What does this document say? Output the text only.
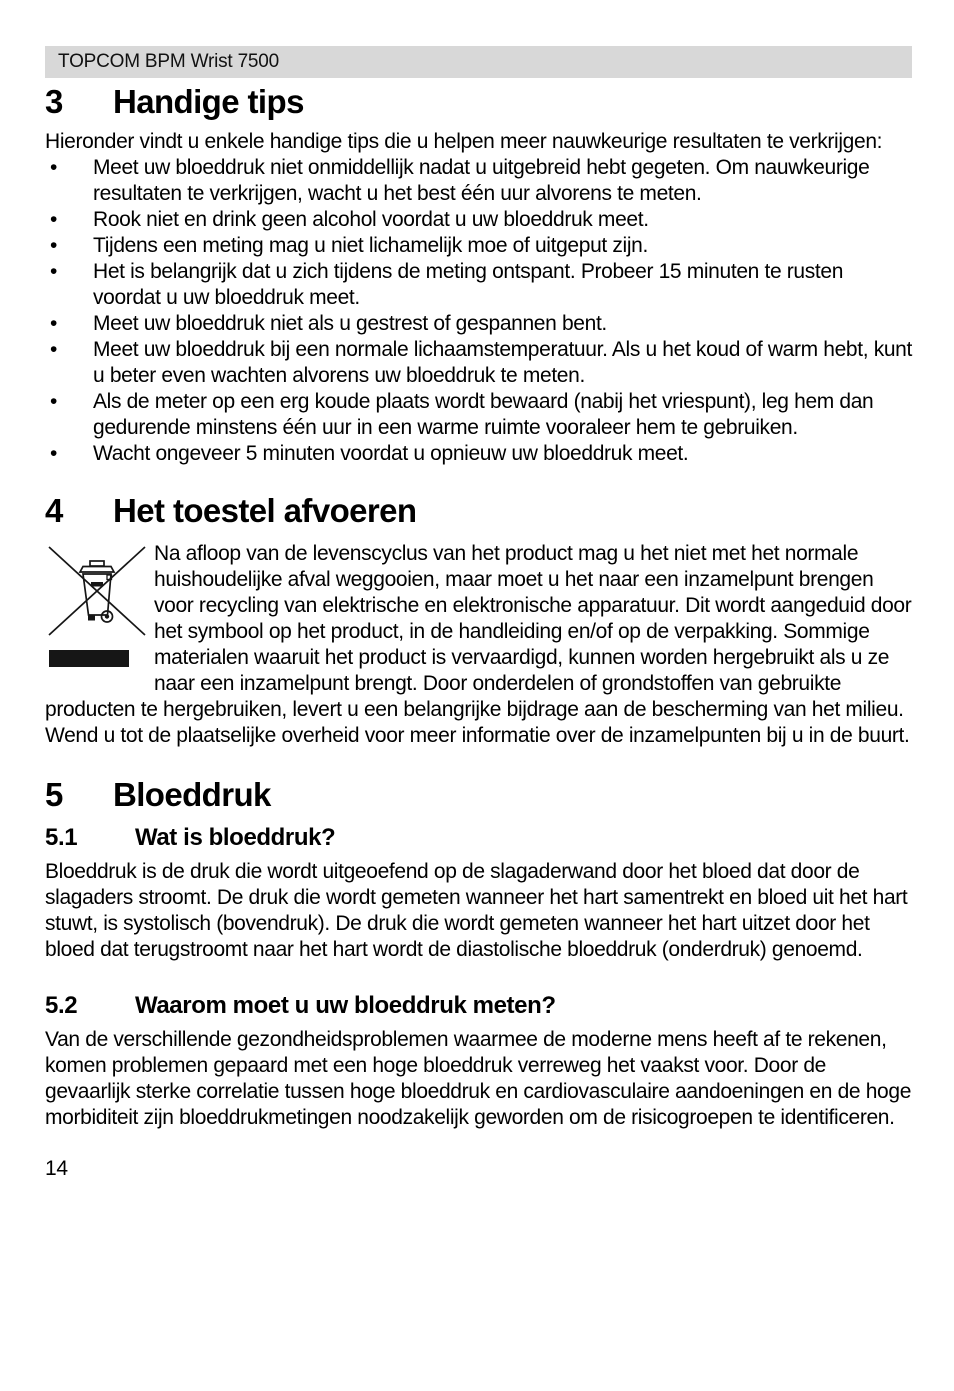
TOPCOM BPM Wrist 7500
3	Handige tips

Hieronder vindt u enkele handige tips die u helpen meer nauwkeurige resultaten te verkrijgen:

•	Meet uw bloeddruk niet onmiddellijk nadat u uitgebreid hebt gegeten. Om nauwkeurige resultaten te verkrijgen, wacht u het best één uur alvorens te meten.
•	Rook niet en drink geen alcohol voordat u uw bloeddruk meet.
•	Tijdens een meting mag u niet lichamelijk moe of uitgeput zijn.
•	Het is belangrijk dat u zich tijdens de meting ontspant. Probeer 15 minuten te rusten voordat u uw bloeddruk meet.
•	Meet uw bloeddruk niet als u gestrest of gespannen bent.
•	Meet uw bloeddruk bij een normale lichaamstemperatuur. Als u het koud of warm hebt, kunt u beter even wachten alvorens uw bloeddruk te meten.
•	Als de meter op een erg koude plaats wordt bewaard (nabij het vriespunt), leg hem dan gedurende minstens één uur in een warme ruimte vooraleer hem te gebruiken.
•	Wacht ongeveer 5 minuten voordat u opnieuw uw bloeddruk meet.
4	Het toestel afvoeren

Na afloop van de levenscyclus van het product mag u het niet met het normale huishoudelijke afval weggooien, maar moet u het naar een inzamelpunt brengen voor recycling van elektrische en elektronische apparatuur. Dit wordt aangeduid door het symbool op het product, in de handleiding en/of op de verpakking. Sommige materialen waaruit het product is vervaardigd, kunnen worden hergebruikt als u ze naar een inzamelpunt brengt. Door onderdelen of grondstoffen van gebruikte producten te hergebruiken, levert u een belangrijke bijdrage aan de bescherming van het milieu. Wend u tot de plaatselijke overheid voor meer informatie over de inzamelpunten bij u in de buurt.

5	Bloeddruk
5.1	Wat is bloeddruk?

Bloeddruk is de druk die wordt uitgeoefend op de slagaderwand door het bloed dat door de slagaders stroomt. De druk die wordt gemeten wanneer het hart samentrekt en bloed uit het hart stuwt, is systolisch (bovendruk). De druk die wordt gemeten wanneer het hart uitzet door het bloed dat terugstroomt naar het hart wordt de diastolische bloeddruk (onderdruk) genoemd.

5.2	Waarom moet u uw bloeddruk meten?

Van de verschillende gezondheidsproblemen waarmee de moderne mens heeft af te rekenen, komen problemen gepaard met een hoge bloeddruk verreweg het vaakst voor. Door de gevaarlijk sterke correlatie tussen hoge bloeddruk en cardiovasculaire aandoeningen en de hoge morbiditeit zijn bloeddrukmetingen noodzakelijk geworden om de risicogroepen te identificeren.

14
